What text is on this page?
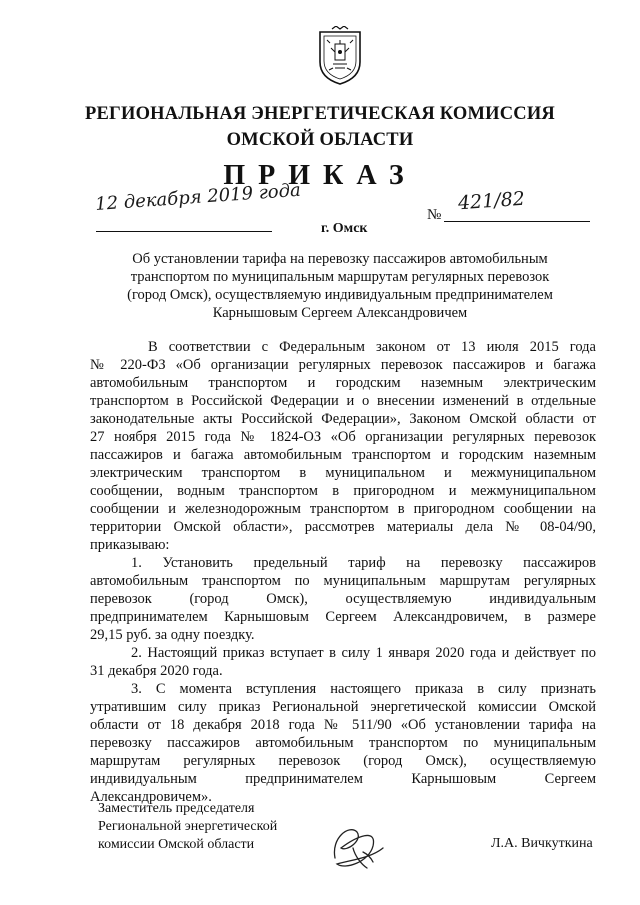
РЕГИОНАЛЬНАЯ ЭНЕРГЕТИЧЕСКАЯ КОМИССИЯ
ОМСКОЙ ОБЛАСТИ
ПРИКАЗ
12 декабря 2019 года	№
421/82
г. Омск
Об установлении тарифа на перевозку пассажиров автомобильным
транспортом по муниципальным маршрутам регулярных перевозок
(город Омск), осуществляемую индивидуальным предпринимателем
Карнышовым Сергеем Александровичем
В соответствии с Федеральным законом от 13 июля 2015 года
№ 220-ФЗ «Об организации регулярных перевозок пассажиров и багажа
автомобильным транспортом и городским наземным электрическим
транспортом в Российской Федерации и о внесении изменений в отдельные
законодательные акты Российской Федерации», Законом Омской области от
27 ноября 2015 года № 1824-ОЗ «Об организации регулярных перевозок
пассажиров и багажа автомобильным транспортом и городским наземным
электрическим транспортом в муниципальном и межмуниципальном
сообщении, водным транспортом в пригородном и межмуниципальном
сообщении и железнодорожным транспортом в пригородном сообщении на
территории Омской области», рассмотрев материалы дела № 08-04/90,
приказываю:
1. Установить предельный тариф на перевозку пассажиров
автомобильным транспортом по муниципальным маршрутам регулярных
перевозок (город Омск), осуществляемую индивидуальным
предпринимателем Карнышовым Сергеем Александровичем, в размере
29,15 руб. за одну поездку.
2. Настоящий приказ вступает в силу 1 января 2020 года и действует по
31 декабря 2020 года.
3. С момента вступления настоящего приказа в силу признать
утратившим силу приказ Региональной энергетической комиссии Омской
области от 18 декабря 2018 года № 511/90 «Об установлении тарифа на
перевозку пассажиров автомобильным транспортом по муниципальным
маршрутам регулярных перевозок (город Омск), осуществляемую
индивидуальным предпринимателем Карнышовым Сергеем
Александровичем».
Заместитель председателя
Региональной энергетической
комиссии Омской области	Л.А. Вичкуткина
